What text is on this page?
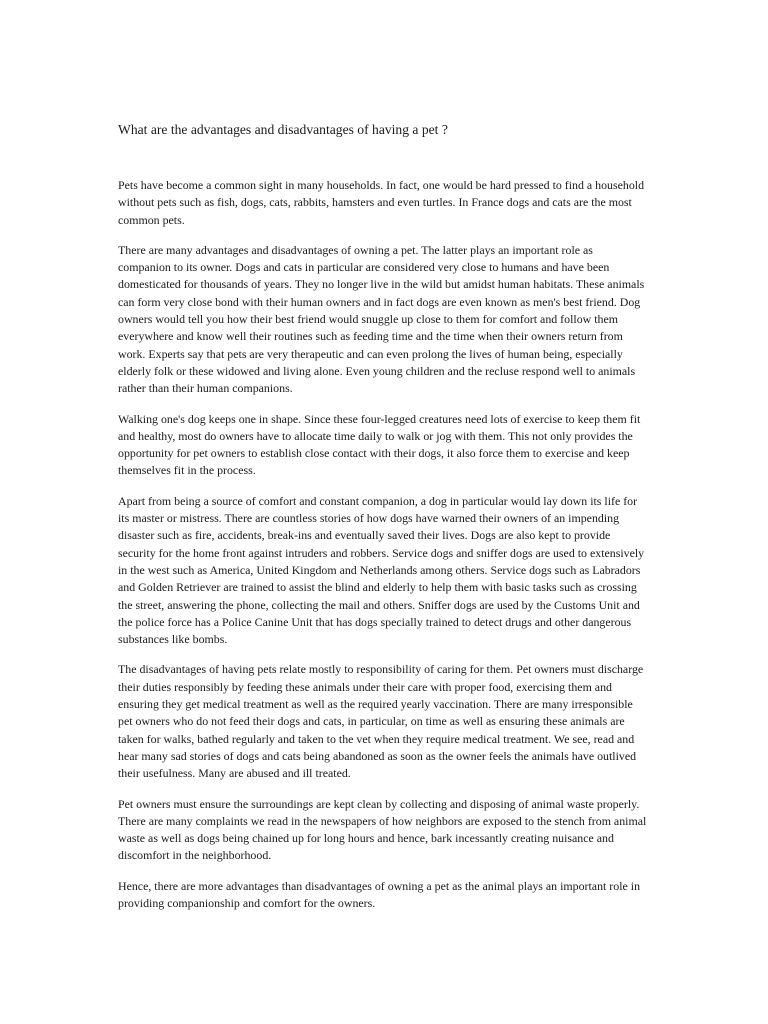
What are the advantages and disadvantages of having a pet ?

Pets have become a common sight in many households. In fact, one would be hard pressed to find a household
without pets such as fish, dogs, cats, rabbits, hamsters and even turtles. In France dogs and cats are the most
common pets.

There are many advantages and disadvantages of owning a pet. The latter plays an important role as
companion to its owner. Dogs and cats in particular are considered very close to humans and have been
domesticated for thousands of years. They no longer live in the wild but amidst human habitats. These animals
can form very close bond with their human owners and in fact dogs are even known as men's best friend. Dog
owners would tell you how their best friend would snuggle up close to them for comfort and follow them
everywhere and know well their routines such as feeding time and the time when their owners return from
work. Experts say that pets are very therapeutic and can even prolong the lives of human being, especially
elderly folk or these widowed and living alone. Even young children and the recluse respond well to animals
rather than their human companions.

Walking one's dog keeps one in shape. Since these four-legged creatures need lots of exercise to keep them fit
and healthy, most do owners have to allocate time daily to walk or jog with them. This not only provides the
opportunity for pet owners to establish close contact with their dogs, it also force them to exercise and keep
themselves fit in the process.

Apart from being a source of comfort and constant companion, a dog in particular would lay down its life for
its master or mistress. There are countless stories of how dogs have warned their owners of an impending
disaster such as fire, accidents, break-ins and eventually saved their lives. Dogs are also kept to provide
security for the home front against intruders and robbers. Service dogs and sniffer dogs are used to extensively
in the west such as America, United Kingdom and Netherlands among others. Service dogs such as Labradors
and Golden Retriever are trained to assist the blind and elderly to help them with basic tasks such as crossing
the street, answering the phone, collecting the mail and others. Sniffer dogs are used by the Customs Unit and
the police force has a Police Canine Unit that has dogs specially trained to detect drugs and other dangerous
substances like bombs.

The disadvantages of having pets relate mostly to responsibility of caring for them. Pet owners must discharge
their duties responsibly by feeding these animals under their care with proper food, exercising them and
ensuring they get medical treatment as well as the required yearly vaccination. There are many irresponsible
pet owners who do not feed their dogs and cats, in particular, on time as well as ensuring these animals are
taken for walks, bathed regularly and taken to the vet when they require medical treatment. We see, read and
hear many sad stories of dogs and cats being abandoned as soon as the owner feels the animals have outlived
their usefulness. Many are abused and ill treated.

Pet owners must ensure the surroundings are kept clean by collecting and disposing of animal waste properly.
There are many complaints we read in the newspapers of how neighbors are exposed to the stench from animal
waste as well as dogs being chained up for long hours and hence, bark incessantly creating nuisance and
discomfort in the neighborhood.

Hence, there are more advantages than disadvantages of owning a pet as the animal plays an important role in
providing companionship and comfort for the owners.
